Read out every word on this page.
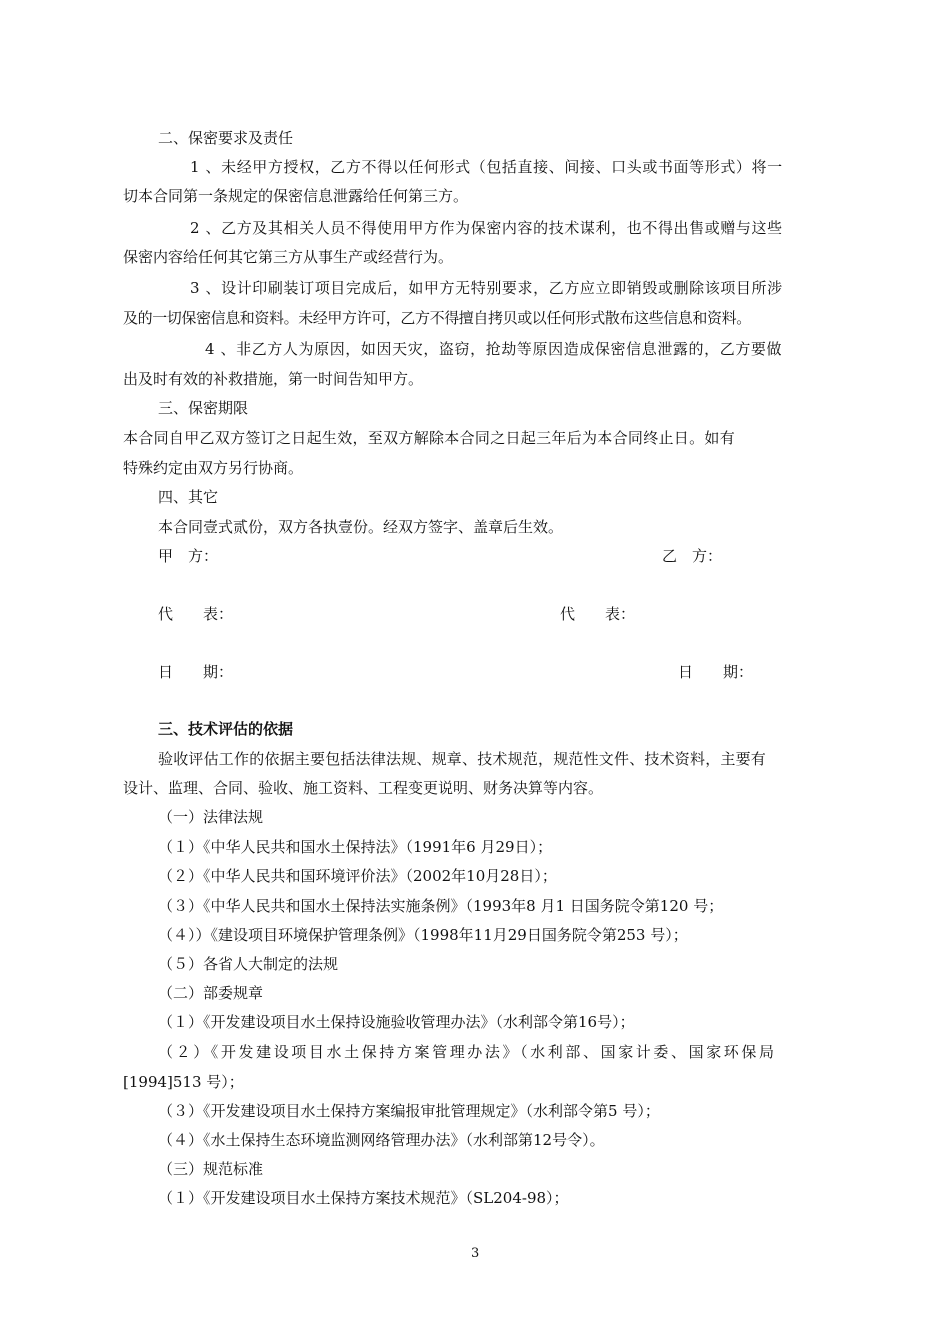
二、保密要求及责任
1 、未经甲方授权，乙方不得以任何形式（包括直接、间接、口头或书面等形式）将一
切本合同第一条规定的保密信息泄露给任何第三方。
2 、乙方及其相关人员不得使用甲方作为保密内容的技术谋利，也不得出售或赠与这些
保密内容给任何其它第三方从事生产或经营行为。
3 、设计印刷装订项目完成后，如甲方无特别要求，乙方应立即销毁或删除该项目所涉
及的一切保密信息和资料。未经甲方许可，乙方不得擅自拷贝或以任何形式散布这些信息和资料。
4 、非乙方人为原因，如因天灾，盗窃，抢劫等原因造成保密信息泄露的，乙方要做
出及时有效的补救措施，第一时间告知甲方。
三、保密期限
本合同自甲乙双方签订之日起生效，至双方解除本合同之日起三年后为本合同终止日。如有
特殊约定由双方另行协商。
四、其它
本合同壹式贰份，双方各执壹份。经双方签字、盖章后生效。
甲　方：	乙　方：
代　　表：	代　　表：
日　　期：	日　　期：
三、技术评估的依据
验收评估工作的依据主要包括法律法规、规章、技术规范，规范性文件、技术资料，主要有
设计、监理、合同、验收、施工资料、工程变更说明、财务决算等内容。
（一）法律法规
（１）《中华人民共和国水土保持法》（1991年6 月29日）；
（２）《中华人民共和国环境评价法》（2002年10月28日）；
（３）《中华人民共和国水土保持法实施条例》（1993年8 月1 日国务院令第120 号；
（４））《建设项目环境保护管理条例》（1998年11月29日国务院令第253 号）；
（５）各省人大制定的法规
（二）部委规章
（１）《开发建设项目水土保持设施验收管理办法》（水利部令第16号）；
（２）《开发建设项目水土保持方案管理办法》（水利部、国家计委、国家环保局
[1994]513 号）；
（３）《开发建设项目水土保持方案编报审批管理规定》（水利部令第5 号）；
（４）《水土保持生态环境监测网络管理办法》（水利部第12号令）。
（三）规范标准
（１）《开发建设项目水土保持方案技术规范》（SL204-98）；
3
